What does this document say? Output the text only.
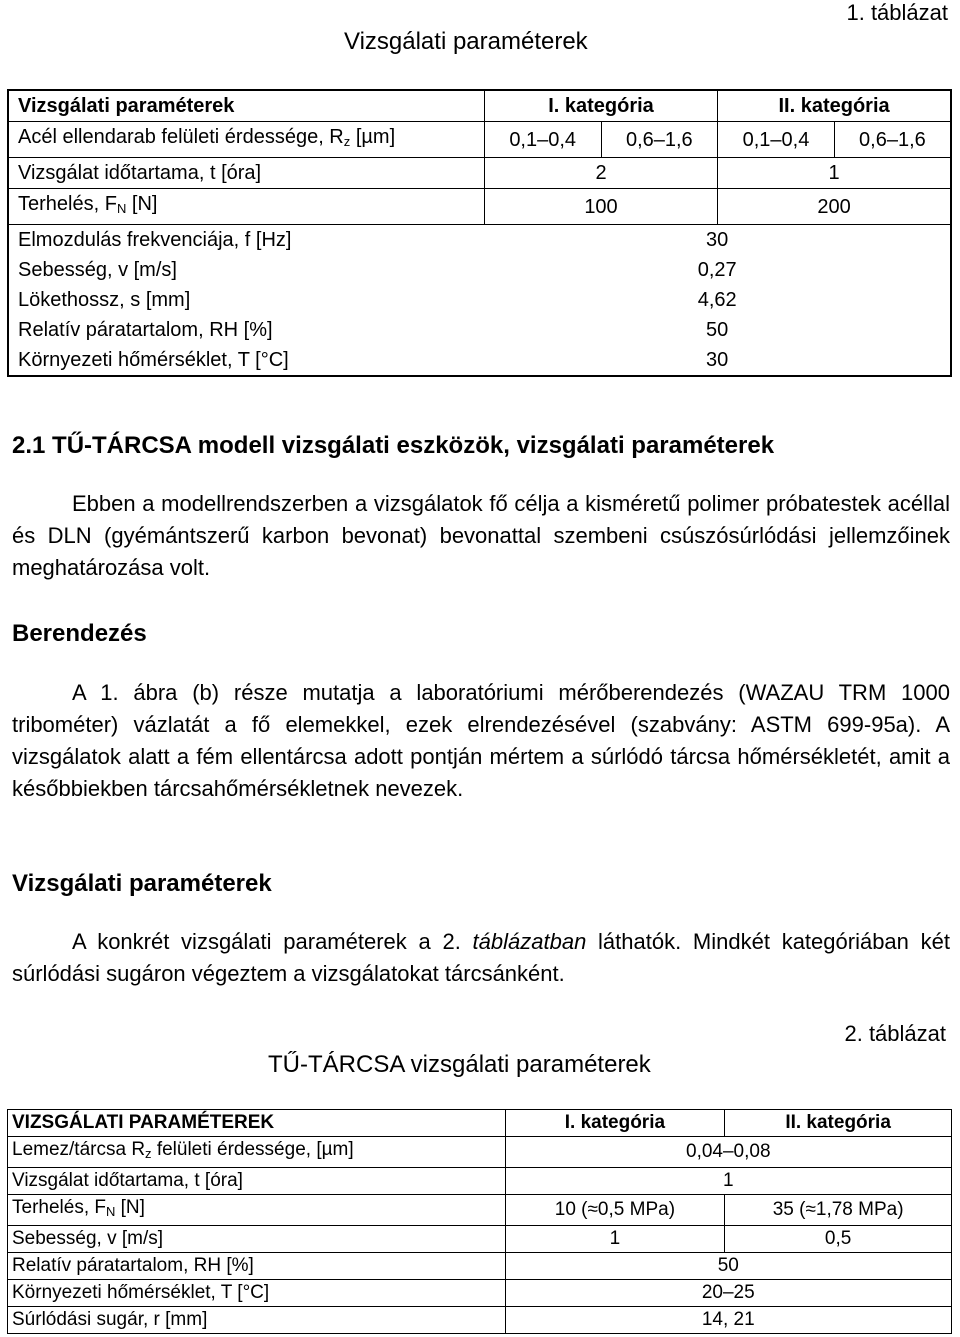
1. táblázat
Vizsgálati paraméterek
Vizsgálati paraméterek	I. kategória		II. kategória	
Acél ellendarab felületi érdessége, $R_z$ [µm]	0,1–0,4	0,6–1,6	0,1–0,4	0,6–1,6
Vizsgálat időtartama, t [óra]	2		1	
Terhelés, $F_N$ [N]	100		200	
Elmozdulás frekvenciája, f [Hz]	30			
Sebesség, v [m/s]	0,27			
Lökethossz, s [mm]	4,62			
Relatív páratartalom, RH [%]	50			
Környezeti hőmérséklet, T [°C]	30			
2.1 TŰ-TÁRCSA modell vizsgálati eszközök, vizsgálati paraméterek

Ebben a modellrendszerben a vizsgálatok fő célja a kisméretű polimer próbatestek acéllal és DLN (gyémántszerű karbon bevonat) bevonattal szembeni csúszósúrlódási jellemzőinek meghatározása volt.

Berendezés

A 1. ábra (b) része mutatja a laboratóriumi mérőberendezés (WAZAU TRM 1000 tribométer) vázlatát a fő elemekkel, ezek elrendezésével (szabvány: ASTM 699-95a). A vizsgálatok alatt a fém ellentárcsa adott pontján mértem a súrlódó tárcsa hőmérsékletét, amit a későbbiekben tárcsahőmérsékletnek nevezek.

Vizsgálati paraméterek

A konkrét vizsgálati paraméterek a 2. táblázatban láthatók. Mindkét kategóriában két súrlódási sugáron végeztem a vizsgálatokat tárcsánként.

2. táblázat
TŰ-TÁRCSA vizsgálati paraméterek
VIZSGÁLATI PARAMÉTEREK	I. kategória	II. kategória
Lemez/tárcsa $R_z$ felületi érdessége, [µm]	0,04–0,08	
Vizsgálat időtartama, t [óra]	1	
Terhelés, $F_N$ [N]	10 (≈0,5 MPa)	35 (≈1,78 MPa)
Sebesség, v [m/s]	1	0,5
Relatív páratartalom, RH [%]	50	
Környezeti hőmérséklet, T [°C]	20–25	
Súrlódási sugár, r [mm]	14, 21	
